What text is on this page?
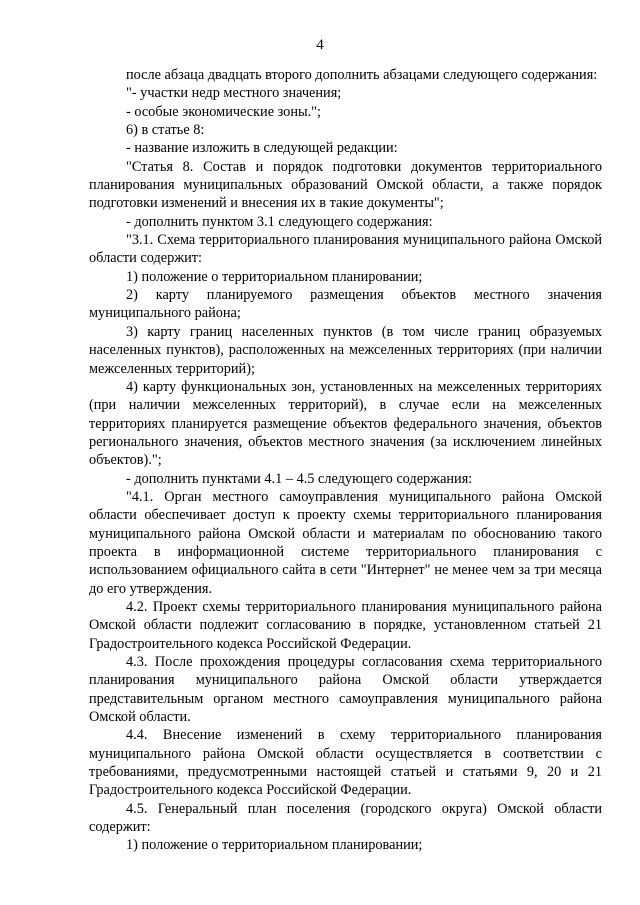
4

после абзаца двадцать второго дополнить абзацами следующего содержания:

"- участки недр местного значения;

- особые экономические зоны.";

6) в статье 8:

- название изложить в следующей редакции:

"Статья 8. Состав и порядок подготовки документов территориального планирования муниципальных образований Омской области, а также порядок подготовки изменений и внесения их в такие документы";

- дополнить пунктом 3.1 следующего содержания:

"3.1. Схема территориального планирования муниципального района Омской области содержит:

1) положение о территориальном планировании;

2) карту планируемого размещения объектов местного значения муниципального района;

3) карту границ населенных пунктов (в том числе границ образуемых населенных пунктов), расположенных на межселенных территориях (при наличии межселенных территорий);

4) карту функциональных зон, установленных на межселенных территориях (при наличии межселенных территорий), в случае если на межселенных территориях планируется размещение объектов федерального значения, объектов регионального значения, объектов местного значения (за исключением линейных объектов).";

- дополнить пунктами 4.1 – 4.5 следующего содержания:

"4.1. Орган местного самоуправления муниципального района Омской области обеспечивает доступ к проекту схемы территориального планирования муниципального района Омской области и материалам по обоснованию такого проекта в информационной системе территориального планирования с использованием официального сайта в сети "Интернет" не менее чем за три месяца до его утверждения.

4.2. Проект схемы территориального планирования муниципального района Омской области подлежит согласованию в порядке, установленном статьей 21 Градостроительного кодекса Российской Федерации.

4.3. После прохождения процедуры согласования схема территориального планирования муниципального района Омской области утверждается представительным органом местного самоуправления муниципального района Омской области.

4.4. Внесение изменений в схему территориального планирования муниципального района Омской области осуществляется в соответствии с требованиями, предусмотренными настоящей статьей и статьями 9, 20 и 21 Градостроительного кодекса Российской Федерации.

4.5. Генеральный план поселения (городского округа) Омской области содержит:

1) положение о территориальном планировании;
